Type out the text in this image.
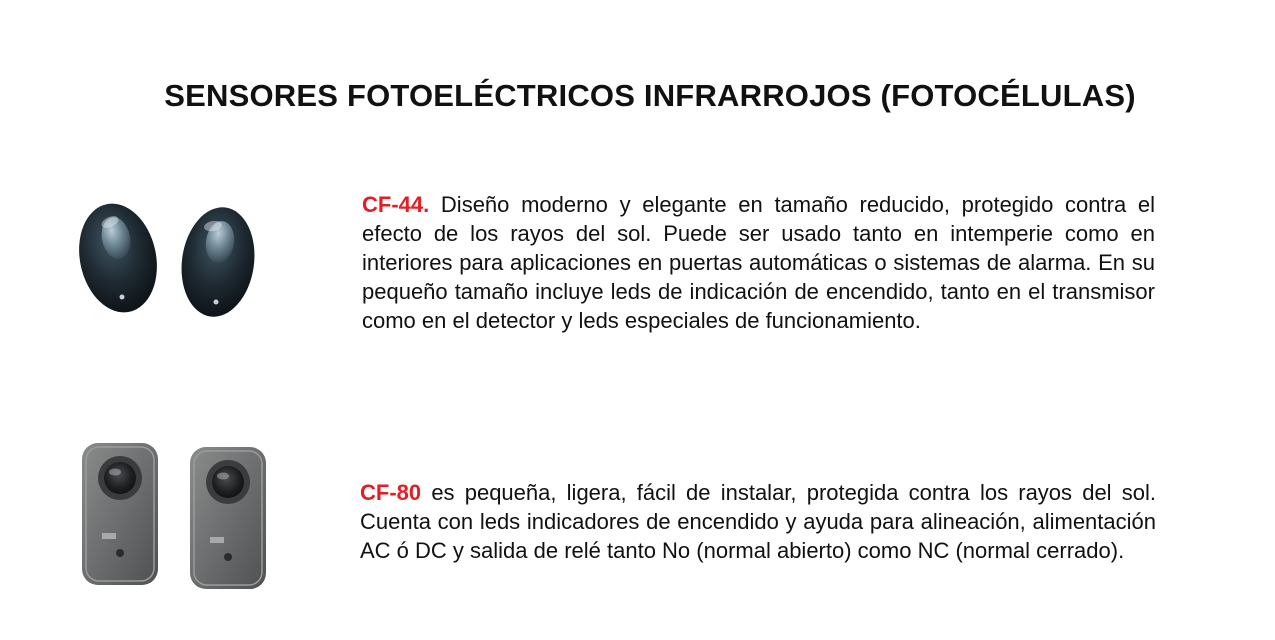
SENSORES FOTOELÉCTRICOS INFRARROJOS (FOTOCÉLULAS)

CF-44. Diseño moderno y elegante en tamaño reducido, protegido contra el efecto de los rayos del sol. Puede ser usado tanto en intemperie como en interiores para aplicaciones en puertas automáticas o sistemas de alarma. En su pequeño tamaño incluye leds de indicación de encendido, tanto en el transmisor como en el detector y leds especiales de funcionamiento.

CF-80 es pequeña, ligera, fácil de instalar, protegida contra los rayos del sol. Cuenta con leds indicadores de encendido y ayuda para alineación, alimentación AC ó DC y salida de relé tanto No (normal abierto) como NC (normal cerrado).
